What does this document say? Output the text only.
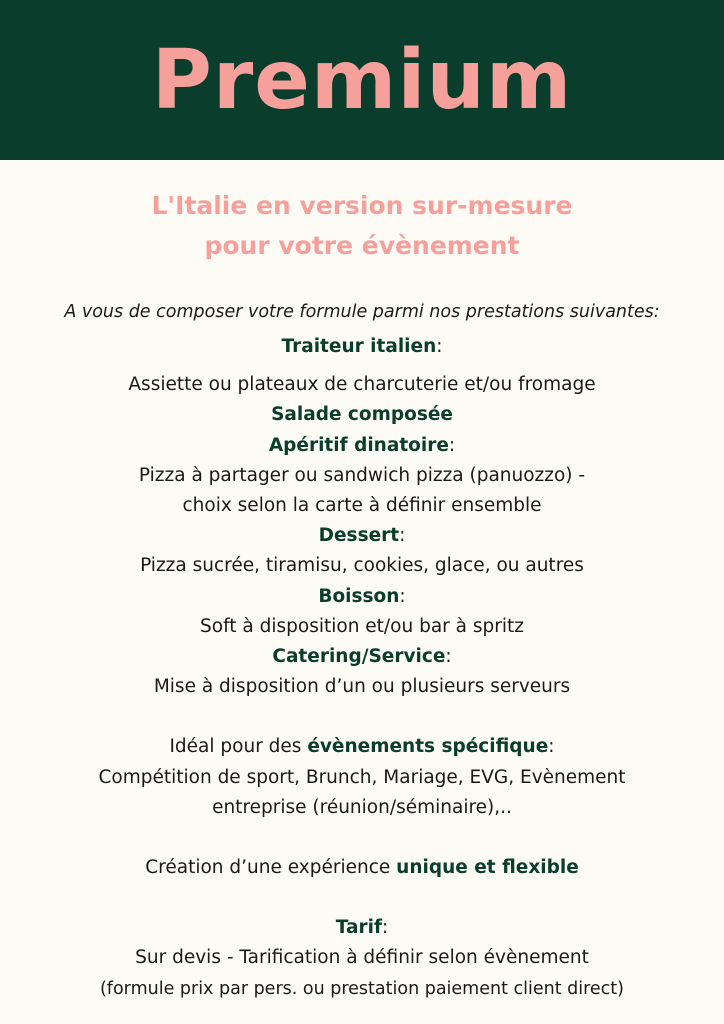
Premium
L'Italie en version sur-mesure
pour votre évènement
A vous de composer votre formule parmi nos prestations suivantes:

Traiteur italien:

Assiette ou plateaux de charcuterie et/ou fromage

Salade composée

Apéritif dinatoire:

Pizza à partager ou sandwich pizza (panuozzo) -

choix selon la carte à définir ensemble

Dessert:

Pizza sucrée, tiramisu, cookies, glace, ou autres

Boisson:

Soft à disposition et/ou bar à spritz

Catering/Service:

Mise à disposition d’un ou plusieurs serveurs

Idéal pour des évènements spécifique:

Compétition de sport, Brunch, Mariage, EVG, Evènement

entreprise (réunion/séminaire),..

Création d’une expérience unique et flexible

Tarif:

Sur devis - Tarification à définir selon évènement

(formule prix par pers. ou prestation paiement client direct)
